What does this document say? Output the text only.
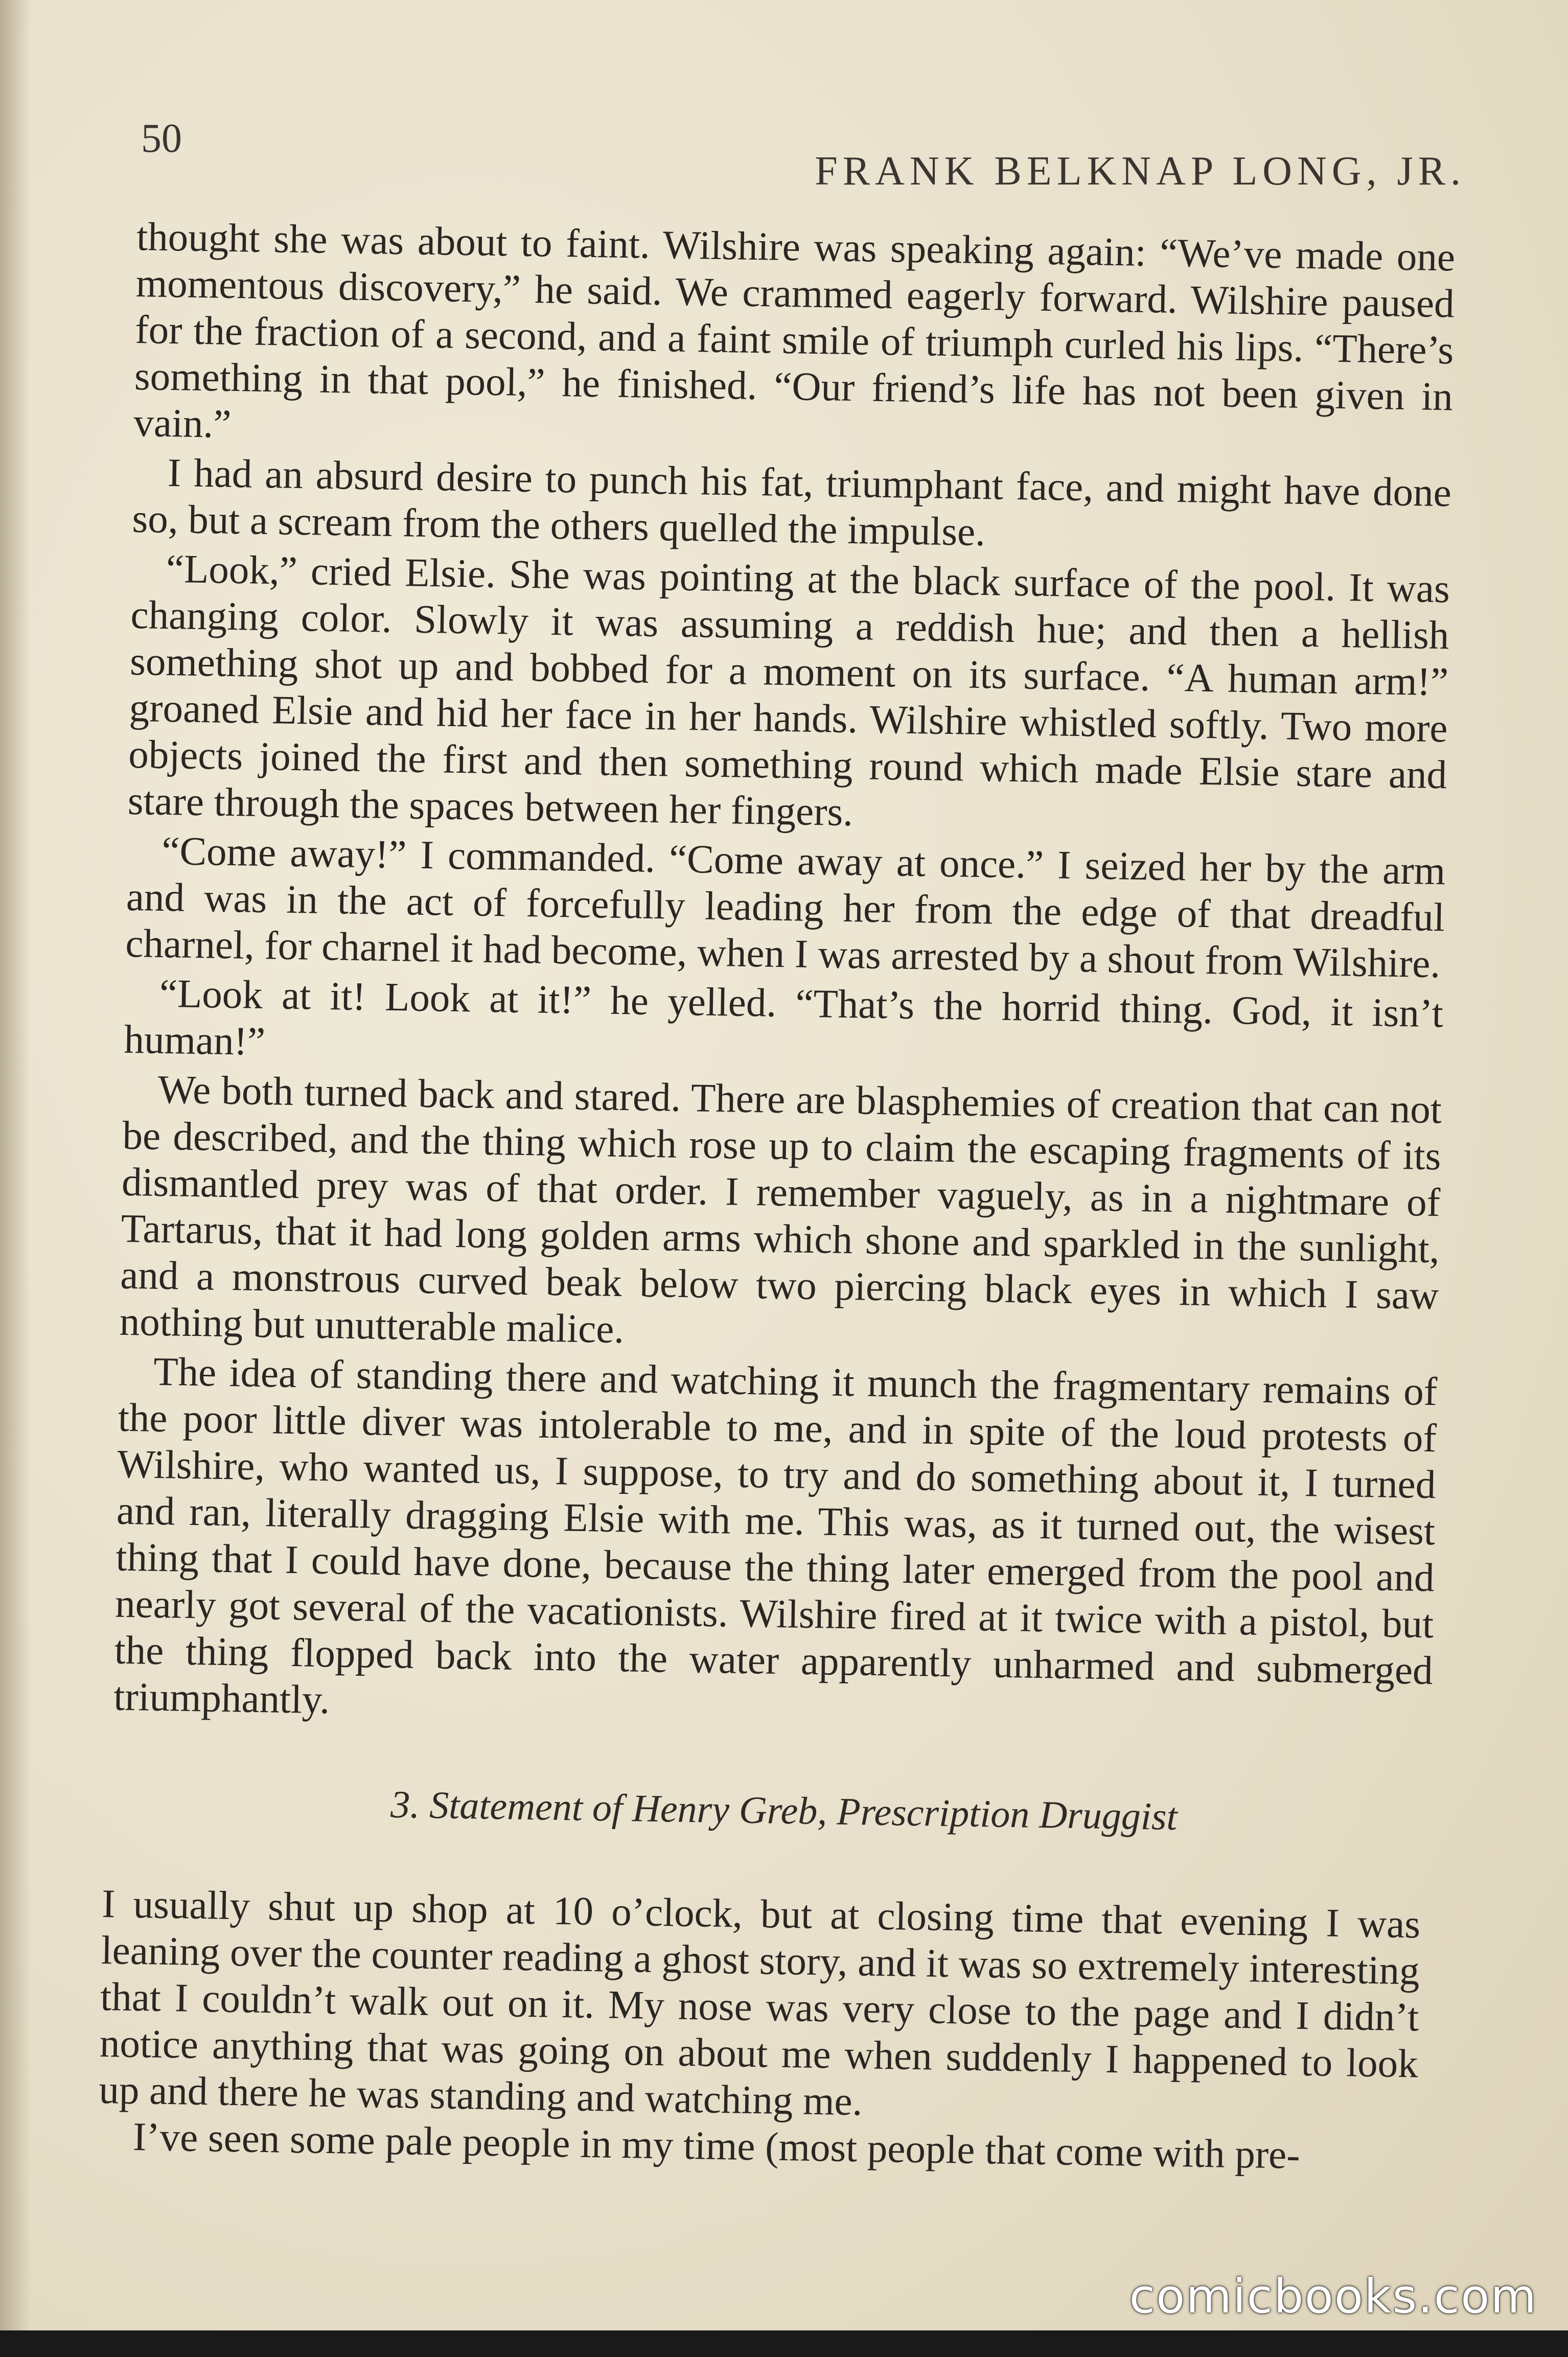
50
FRANK BELKNAP LONG, JR.

thought she was about to faint. Wilshire was speaking again: “We’ve made one momentous discovery,” he said. We crammed eagerly forward. Wilshire paused for the fraction of a second, and a faint smile of triumph curled his lips. “There’s something in that pool,” he finished. “Our friend’s life has not been given in vain.”

I had an absurd desire to punch his fat, triumphant face, and might have done so, but a scream from the others quelled the impulse.

“Look,” cried Elsie. She was pointing at the black surface of the pool. It was changing color. Slowly it was assuming a reddish hue; and then a hellish something shot up and bobbed for a moment on its surface. “A human arm!” groaned Elsie and hid her face in her hands. Wilshire whistled softly. Two more objects joined the first and then something round which made Elsie stare and stare through the spaces between her fingers.

“Come away!” I commanded. “Come away at once.” I seized her by the arm and was in the act of forcefully leading her from the edge of that dreadful charnel, for charnel it had become, when I was arrested by a shout from Wilshire.

“Look at it! Look at it!” he yelled. “That’s the horrid thing. God, it isn’t human!”

We both turned back and stared. There are blasphemies of creation that can not be described, and the thing which rose up to claim the escaping fragments of its dismantled prey was of that order. I remember vaguely, as in a nightmare of Tartarus, that it had long golden arms which shone and sparkled in the sunlight, and a monstrous curved beak below two piercing black eyes in which I saw nothing but unutterable malice.

The idea of standing there and watching it munch the fragmentary remains of the poor little diver was intolerable to me, and in spite of the loud protests of Wilshire, who wanted us, I suppose, to try and do something about it, I turned and ran, literally dragging Elsie with me. This was, as it turned out, the wisest thing that I could have done, because the thing later emerged from the pool and nearly got several of the vacationists. Wilshire fired at it twice with a pistol, but the thing flopped back into the water apparently unharmed and submerged triumphantly.

3. Statement of Henry Greb, Prescription Druggist

I usually shut up shop at 10 o’clock, but at closing time that evening I was leaning over the counter reading a ghost story, and it was so extremely interesting that I couldn’t walk out on it. My nose was very close to the page and I didn’t notice anything that was going on about me when suddenly I happened to look up and there he was standing and watching me.

I’ve seen some pale people in my time (most people that come with pre-

comicbooks.com
